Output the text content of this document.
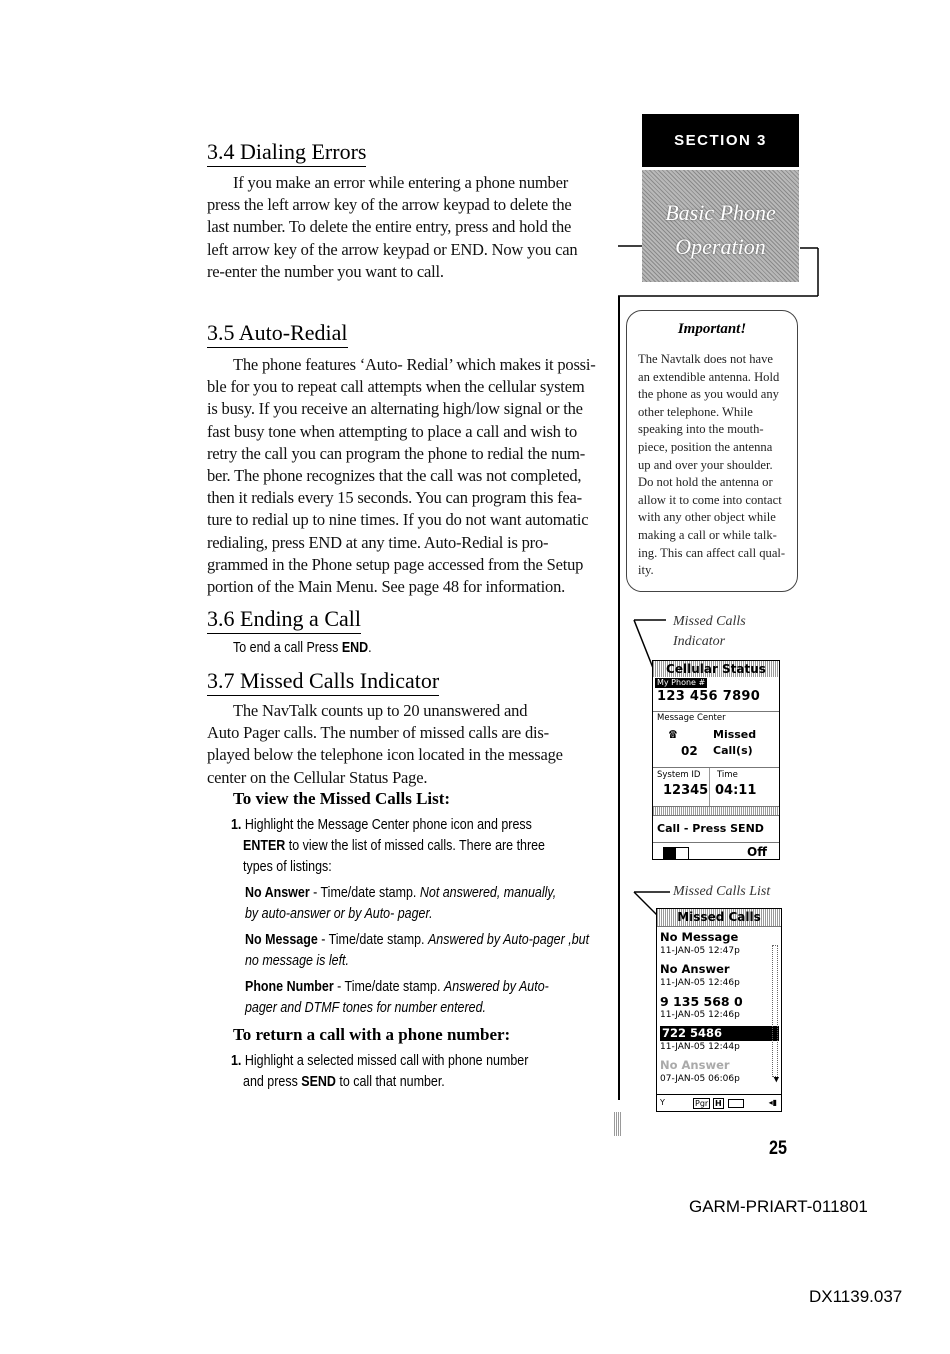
SECTION 3
Basic Phone
Operation
3.4 Dialing Errors
If you make an error while entering a phone number
press the left arrow key of the arrow keypad to delete the
last number. To delete the entire entry, press and hold the
left arrow key of the arrow keypad or END. Now you can
re-enter the number you want to call.
3.5 Auto-Redial
The phone features ‘Auto- Redial’ which makes it possi-
ble for you to repeat call attempts when the cellular system
is busy. If you receive an alternating high/low signal or the
fast busy tone when attempting to place a call and wish to
retry the call you can program the phone to redial the num-
ber. The phone recognizes that the call was not completed,
then it redials every 15 seconds. You can program this fea-
ture to redial up to nine times. If you do not want automatic
redialing, press END at any time. Auto-Redial is pro-
grammed in the Phone setup page accessed from the Setup
portion of the Main Menu. See page 48 for information.
3.6 Ending a Call
To end a call Press END.
3.7 Missed Calls Indicator
The NavTalk counts up to 20 unanswered and
Auto Pager calls. The number of missed calls are dis-
played below the telephone icon located in the message
center on the Cellular Status Page.
To view the Missed Calls List:
1. Highlight the Message Center phone icon and press
ENTER to view the list of missed calls. There are three
types of listings:
No Answer - Time/date stamp. Not answered, manually,
by auto-answer or by Auto- pager.
No Message - Time/date stamp. Answered by Auto-pager ,but
no message is left.
Phone Number - Time/date stamp. Answered by Auto-
pager and DTMF tones for number entered.
To return a call with a phone number:
1. Highlight a selected missed call with phone number
and press SEND to call that number.
Important!
The Navtalk does not have
an extendible antenna. Hold
the phone as you would any
other telephone. While
speaking into the mouth-
piece, position the antenna
up and over your shoulder.
Do not hold the antenna or
allow it to come into contact
with any other object while
making a call or while talk-
ing. This can affect call qual-
ity.
Missed Calls
Indicator
Cellular Status
My Phone #
123 456 7890
Message Center
☎	Missed
02 Call(s)
System ID Time
12345 04:11
Call - Press SEND
Off
Missed Calls List
Missed Calls
No Message
11-JAN-05 12:47p
No Answer
11-JAN-05 12:46p
9 135 568 0
11-JAN-05 12:46p
722 5486
11-JAN-05 12:44p
No Answer
07-JAN-05 06:06p	▼
Y	Pgr H	◂▮
25
GARM-PRIART-011801
DX1139.037
